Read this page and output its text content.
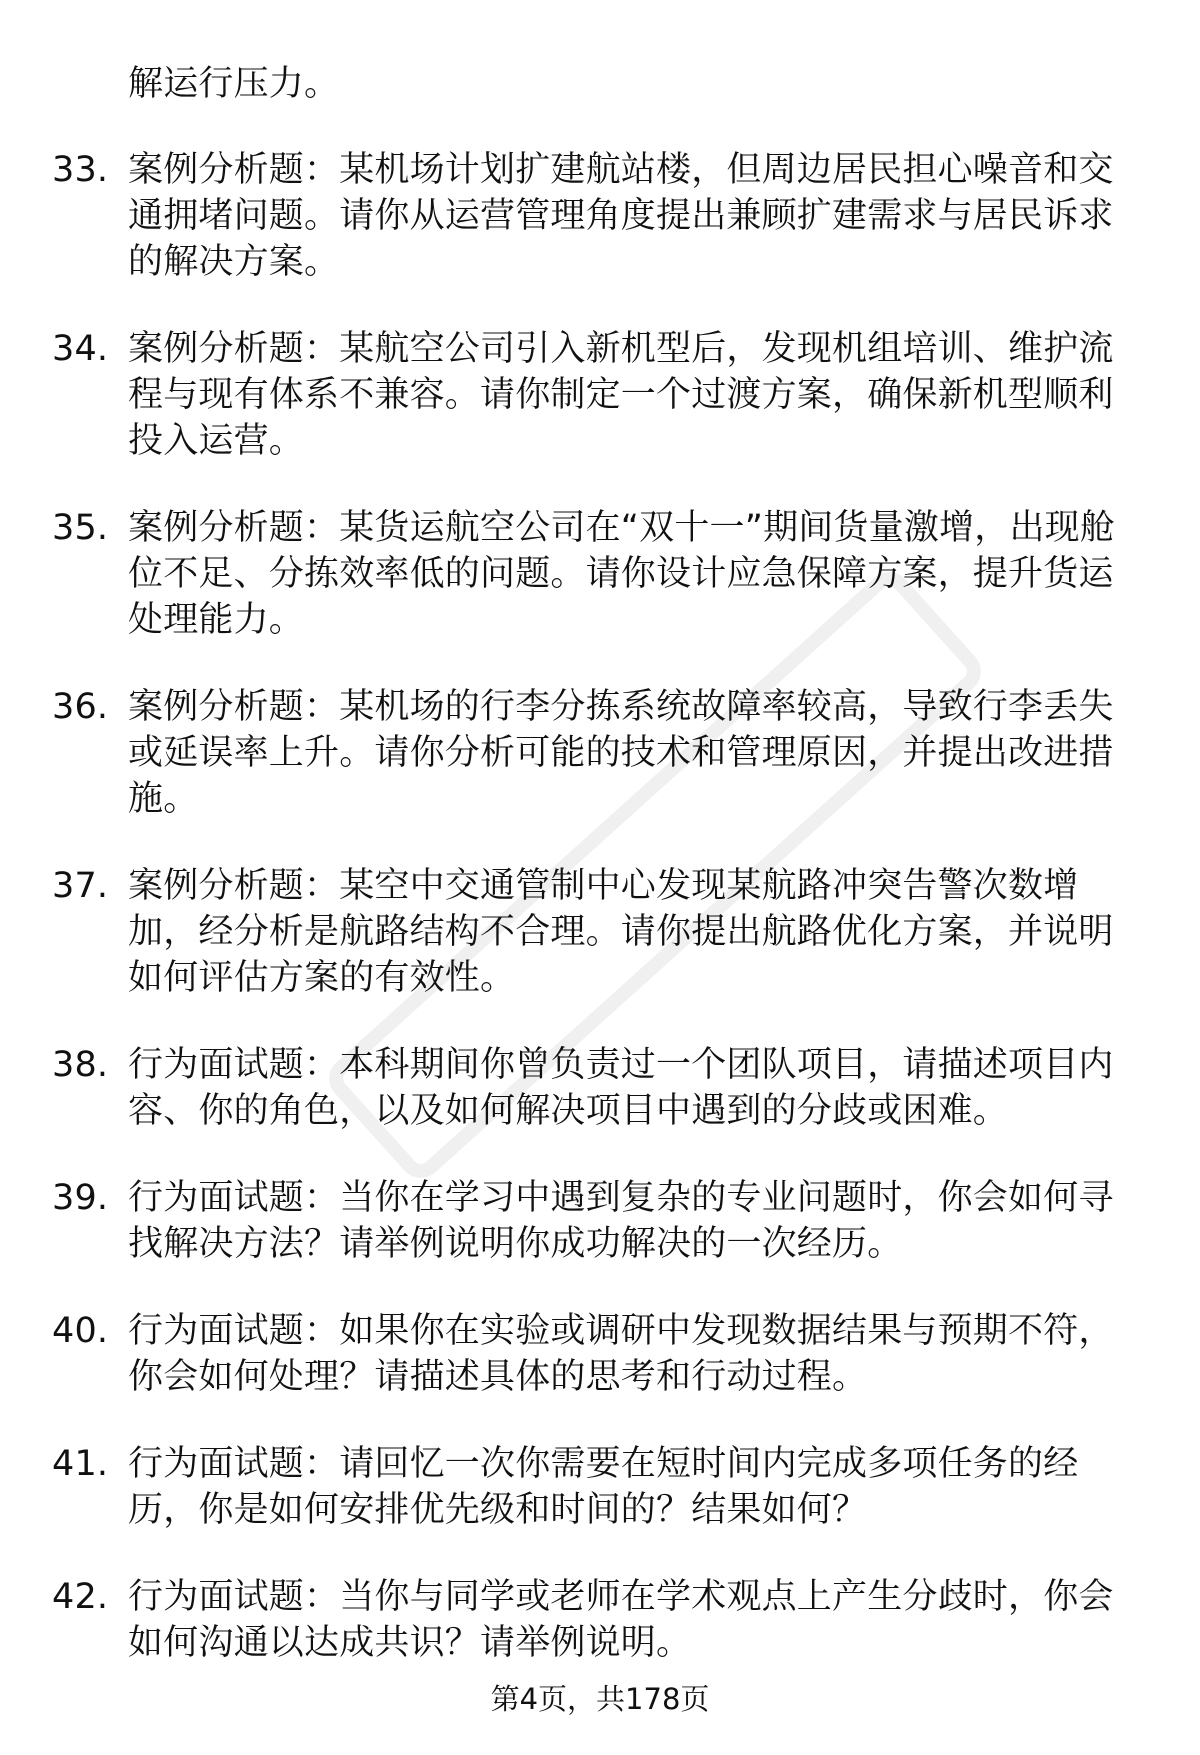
解运行压力。
33. 案例分析题：某机场计划扩建航站楼，但周边居民担心噪音和交通拥堵问题。请你从运营管理角度提出兼顾扩建需求与居民诉求的解决方案。
34. 案例分析题：某航空公司引入新机型后，发现机组培训、维护流程与现有体系不兼容。请你制定一个过渡方案，确保新机型顺利投入运营。
35. 案例分析题：某货运航空公司在“双十一”期间货量激增，出现舱位不足、分拣效率低的问题。请你设计应急保障方案，提升货运处理能力。
36. 案例分析题：某机场的行李分拣系统故障率较高，导致行李丢失或延误率上升。请你分析可能的技术和管理原因，并提出改进措施。
37. 案例分析题：某空中交通管制中心发现某航路冲突告警次数增加，经分析是航路结构不合理。请你提出航路优化方案，并说明如何评估方案的有效性。
38. 行为面试题：本科期间你曾负责过一个团队项目，请描述项目内容、你的角色，以及如何解决项目中遇到的分歧或困难。
39. 行为面试题：当你在学习中遇到复杂的专业问题时，你会如何寻找解决方法？请举例说明你成功解决的一次经历。
40. 行为面试题：如果你在实验或调研中发现数据结果与预期不符，你会如何处理？请描述具体的思考和行动过程。
41. 行为面试题：请回忆一次你需要在短时间内完成多项任务的经历，你是如何安排优先级和时间的？结果如何？
42. 行为面试题：当你与同学或老师在学术观点上产生分歧时，你会如何沟通以达成共识？请举例说明。
第4页，共178页
